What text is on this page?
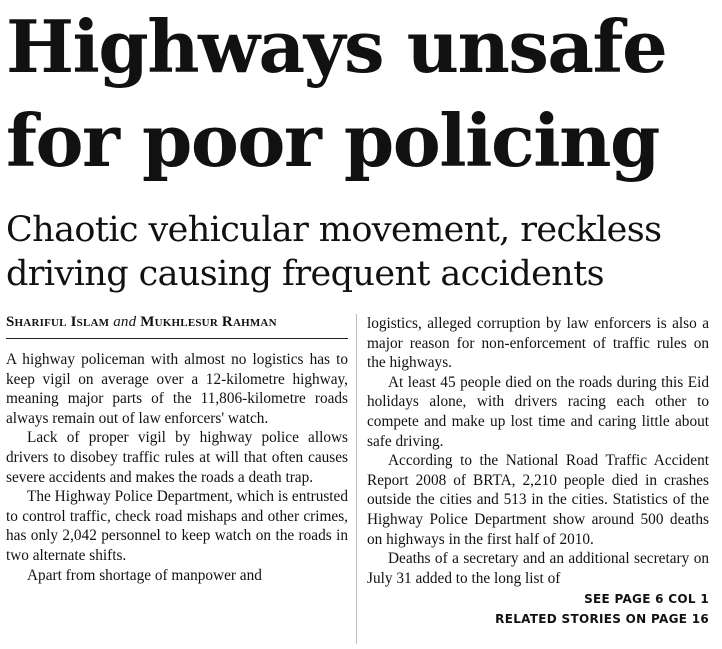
Highways unsafe
for poor policing
Chaotic vehicular movement, reckless
driving causing frequent accidents
Shariful Islam and Mukhlesur Rahman

A highway policeman with almost no logistics has to keep vigil on average over a 12-kilometre highway, meaning major parts of the 11,806-kilometre roads always remain out of law enforcers' watch.

Lack of proper vigil by highway police allows drivers to disobey traffic rules at will that often causes severe accidents and makes the roads a death trap.

The Highway Police Department, which is entrusted to control traffic, check road mishaps and other crimes, has only 2,042 personnel to keep watch on the roads in two alternate shifts.

Apart from shortage of manpower and

logistics, alleged corruption by law enforcers is also a major reason for non-enforcement of traffic rules on the highways.

At least 45 people died on the roads during this Eid holidays alone, with drivers racing each other to compete and make up lost time and caring little about safe driving.

According to the National Road Traffic Accident Report 2008 of BRTA, 2,210 people died in crashes outside the cities and 513 in the cities. Statistics of the Highway Police Department show around 500 deaths on highways in the first half of 2010.

Deaths of a secretary and an additional secretary on July 31 added to the long list of

SEE PAGE 6 COL 1
RELATED STORIES ON PAGE 16
